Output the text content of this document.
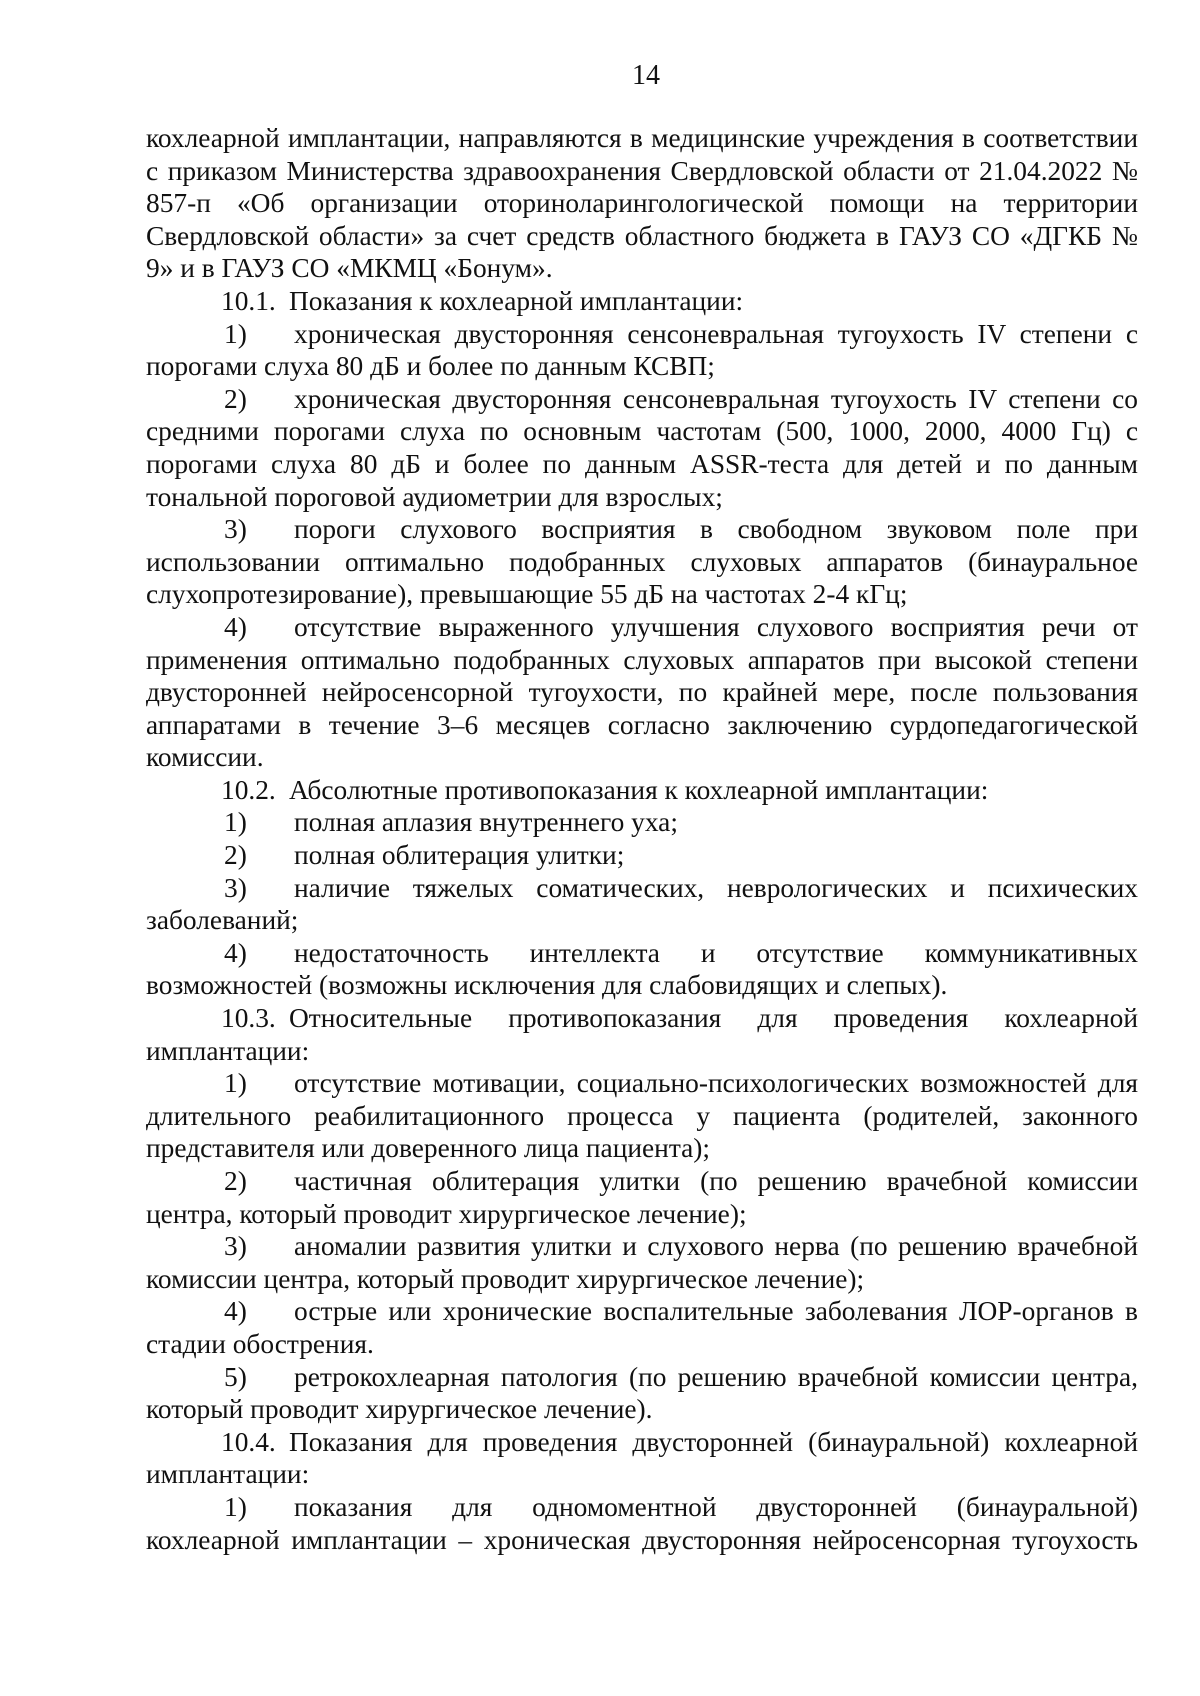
14

кохлеарной имплантации, направляются в медицинские учреждения в соответствии с приказом Министерства здравоохранения Свердловской области от 21.04.2022 № 857-п «Об организации оториноларингологической помощи на территории Свердловской области» за счет средств областного бюджета в ГАУЗ СО «ДГКБ № 9» и в ГАУЗ СО «МКМЦ «Бонум».

10.1. Показания к кохлеарной имплантации:

1) хроническая двусторонняя сенсоневральная тугоухость IV степени с порогами слуха 80 дБ и более по данным КСВП;

2) хроническая двусторонняя сенсоневральная тугоухость IV степени со средними порогами слуха по основным частотам (500, 1000, 2000, 4000 Гц) с порогами слуха 80 дБ и более по данным ASSR-теста для детей и по данным тональной пороговой аудиометрии для взрослых;

3) пороги слухового восприятия в свободном звуковом поле при использовании оптимально подобранных слуховых аппаратов (бинауральное слухопротезирование), превышающие 55 дБ на частотах 2-4 кГц;

4) отсутствие выраженного улучшения слухового восприятия речи от применения оптимально подобранных слуховых аппаратов при высокой степени двусторонней нейросенсорной тугоухости, по крайней мере, после пользования аппаратами в течение 3–6 месяцев согласно заключению сурдопедагогической комиссии.

10.2. Абсолютные противопоказания к кохлеарной имплантации:

1) полная аплазия внутреннего уха;

2) полная облитерация улитки;

3) наличие тяжелых соматических, неврологических и психических заболеваний;

4) недостаточность интеллекта и отсутствие коммуникативных возможностей (возможны исключения для слабовидящих и слепых).

10.3. Относительные противопоказания для проведения кохлеарной имплантации:

1) отсутствие мотивации, социально-психологических возможностей для длительного реабилитационного процесса у пациента (родителей, законного представителя или доверенного лица пациента);

2) частичная облитерация улитки (по решению врачебной комиссии центра, который проводит хирургическое лечение);

3) аномалии развития улитки и слухового нерва (по решению врачебной комиссии центра, который проводит хирургическое лечение);

4) острые или хронические воспалительные заболевания ЛОР-органов в стадии обострения.

5) ретрокохлеарная патология (по решению врачебной комиссии центра, который проводит хирургическое лечение).

10.4. Показания для проведения двусторонней (бинауральной) кохлеарной имплантации:

1) показания для одномоментной двусторонней (бинауральной) кохлеарной имплантации – хроническая двусторонняя нейросенсорная тугоухость
